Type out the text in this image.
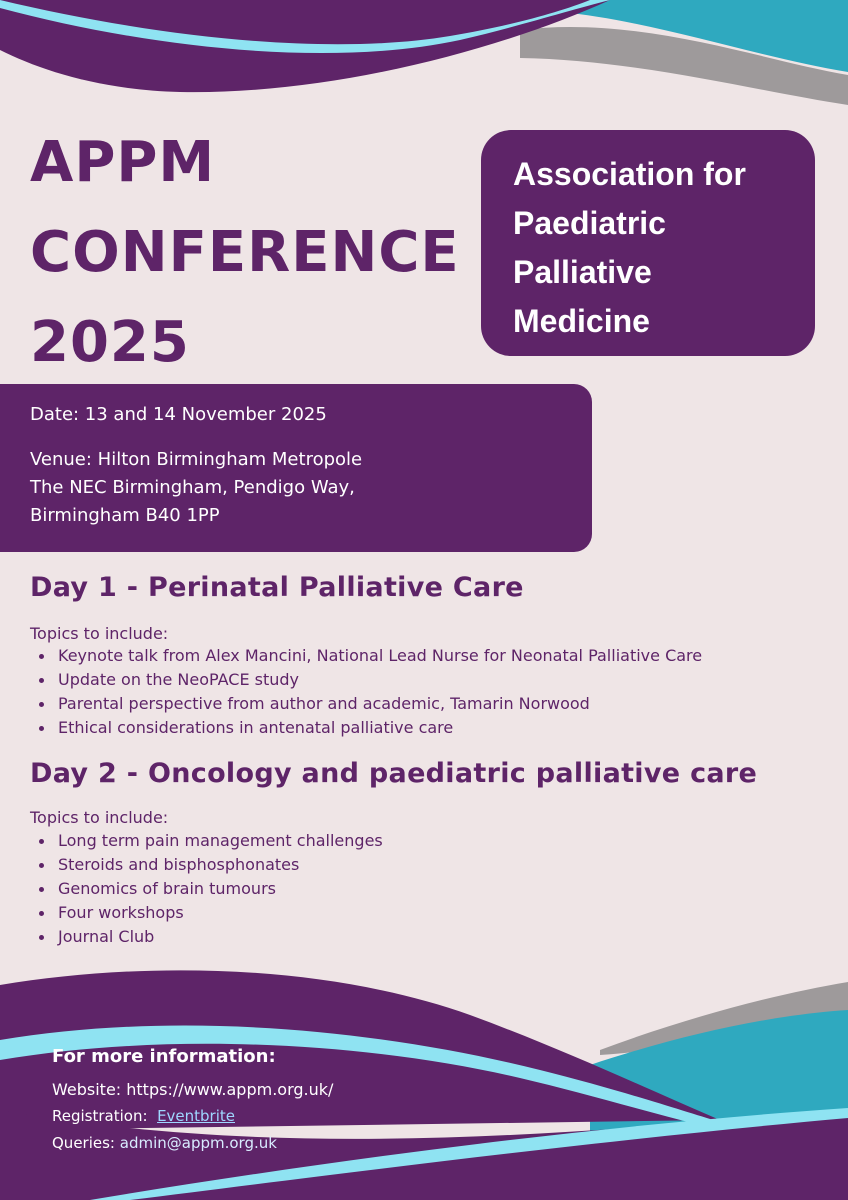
APPM
CONFERENCE
2025
Association for
Paediatric
Palliative
Medicine
Date: 13 and 14 November 2025
Venue: Hilton Birmingham Metropole
The NEC Birmingham, Pendigo Way,
Birmingham B40 1PP
Day 1 - Perinatal Palliative Care
Topics to include:
Keynote talk from Alex Mancini, National Lead Nurse for Neonatal Palliative Care
Update on the NeoPACE study
Parental perspective from author and academic, Tamarin Norwood
Ethical considerations in antenatal palliative care
Day 2 - Oncology and paediatric palliative care
Topics to include:
Long term pain management challenges
Steroids and bisphosphonates
Genomics of brain tumours
Four workshops
Journal Club
For more information:
Website: https://www.appm.org.uk/
Registration: Eventbrite
Queries: admin@appm.org.uk
